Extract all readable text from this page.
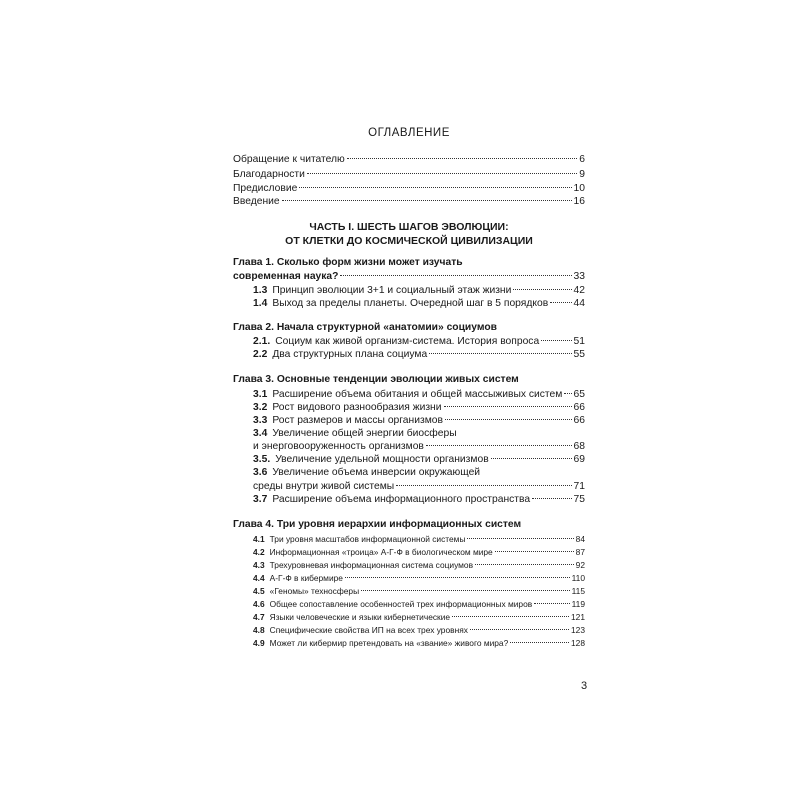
ОГЛАВЛЕНИЕ
Обращение к читателю	6
Благодарности	9
Предисловие	10
Введение	16
ЧАСТЬ I. ШЕСТЬ ШАГОВ ЭВОЛЮЦИИ:
ОТ КЛЕТКИ ДО КОСМИЧЕСКОЙ ЦИВИЛИЗАЦИИ
Глава 1. Сколько форм жизни может изучать
современная наука?	33
1.3 Принцип эволюции 3+1 и социальный этаж жизни	42
1.4 Выход за пределы планеты. Очередной шаг в 5 порядков 44
Глава 2. Начала структурной «анатомии» социумов
2.1. Социум как живой организм-система. История вопроса	51
2.2 Два структурных плана социума	55
Глава 3. Основные тенденции эволюции живых систем
3.1 Расширение объема обитания и общей массыживых систем 65
3.2 Рост видового разнообразия жизни	66
3.3 Рост размеров и массы организмов	66
3.4 Увеличение общей энергии биосферы
и энерговооруженность организмов	68
3.5. Увеличение удельной мощности организмов	69
3.6 Увеличение объема инверсии окружающей
среды внутри живой системы	71
3.7 Расширение объема информационного пространства	75
Глава 4. Три уровня иерархии информационных систем
4.1 Три уровня масштабов информационной системы	84
4.2 Информационная «троица» А-Г-Ф в биологическом мире	87
4.3 Трехуровневая информационная система социумов	92
4.4 А-Г-Ф в кибермире	110
4.5 «Геномы» техносферы	115
4.6 Общее сопоставление особенностей трех информационных миров	119
4.7 Языки человеческие и языки кибернетические	121
4.8 Специфические свойства ИП на всех трех уровнях	123
4.9 Может ли кибермир претендовать на «звание» живого мира?	128
3
